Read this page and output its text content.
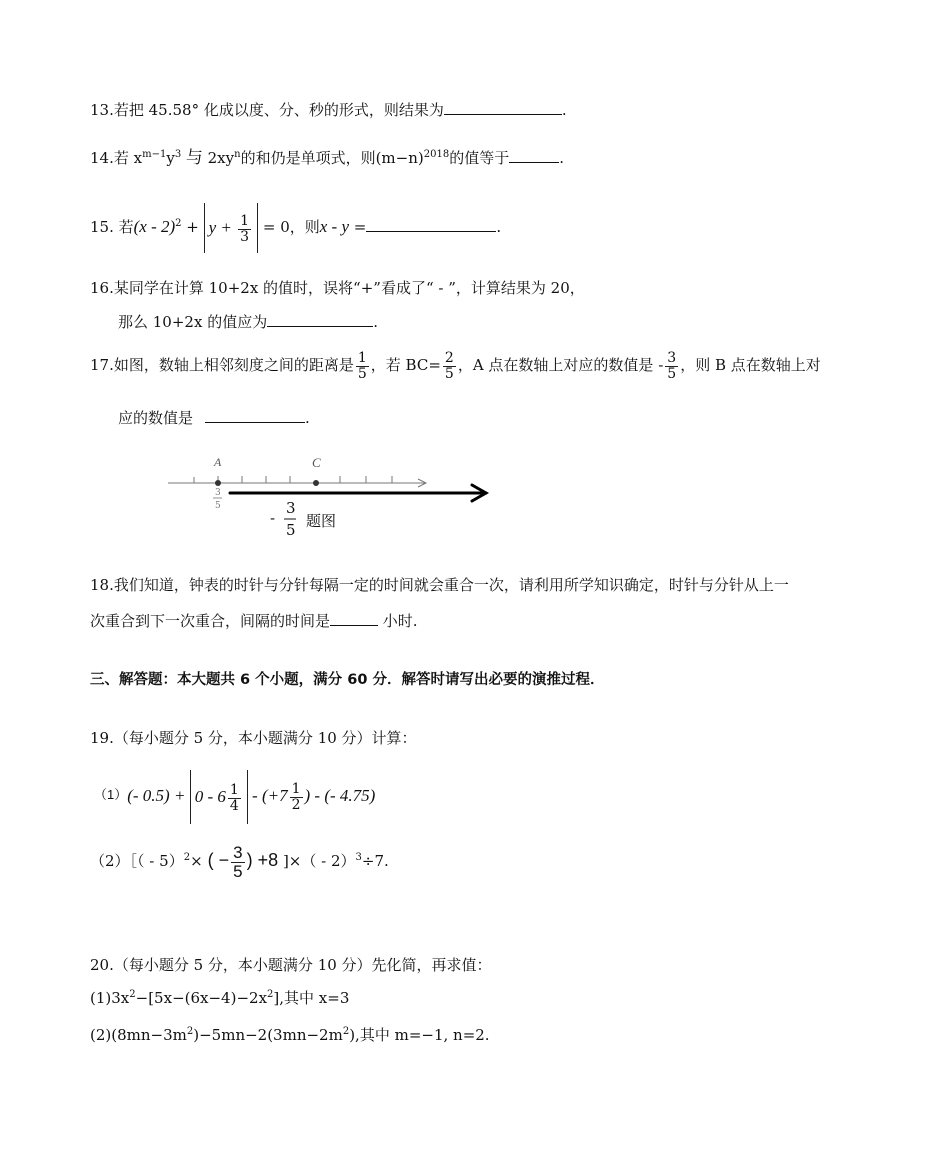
13.若把 45.58° 化成以度、分、秒的形式，则结果为	.
14.若 $x^{m-1}y^3$ 与 $2xy^n$的和仍是单项式，则$(m-n)^{2018}$的值等于	.
15. 若$(x - 2)^2 + y + \frac{1}{3} = 0$，则x - y =	.
16.某同学在计算 10+2x 的值时，误将“+”看成了“ - ”，计算结果为 20，
那么 10+2x 的值应为	.
17.如图，数轴上相邻刻度之间的距离是 $\frac{1}{5}$ ，若 $BC= \frac{2}{5}$ ，A 点在数轴上对应的数值是 - $\frac{3}{5}$ ，则 B 点在数轴上对
应的数值是	.
A	C
3
5
-
3
5 题图
18.我们知道，钟表的时针与分针每隔一定的时间就会重合一次，请利用所学知识确定，时针与分针从上一
次重合到下一次重合，间隔的时间是	小时.
三、解答题：本大题共 6 个小题，满分 60 分．解答时请写出必要的演推过程．
19.（每小题分 5 分，本小题满分 10 分）计算：
（1）(- $0.5) + 0 - 6 \frac{1}{4} - (+7 \frac{1}{2}$ ) - (- 4.75)
（2）［（ - 5）$^2$× ( − $\frac{3}{5}$ ) +8 ]×（ - 2）$^3$÷7.
20.（每小题分 5 分，本小题满分 10 分）先化简，再求值：
$(1)3x^2-[5x-(6x-4)-2x^2]$,其中 x=3
$(2)(8mn-3m^2)-5mn-2(3mn-2m^2)$,其中 m=−1, n=2.
